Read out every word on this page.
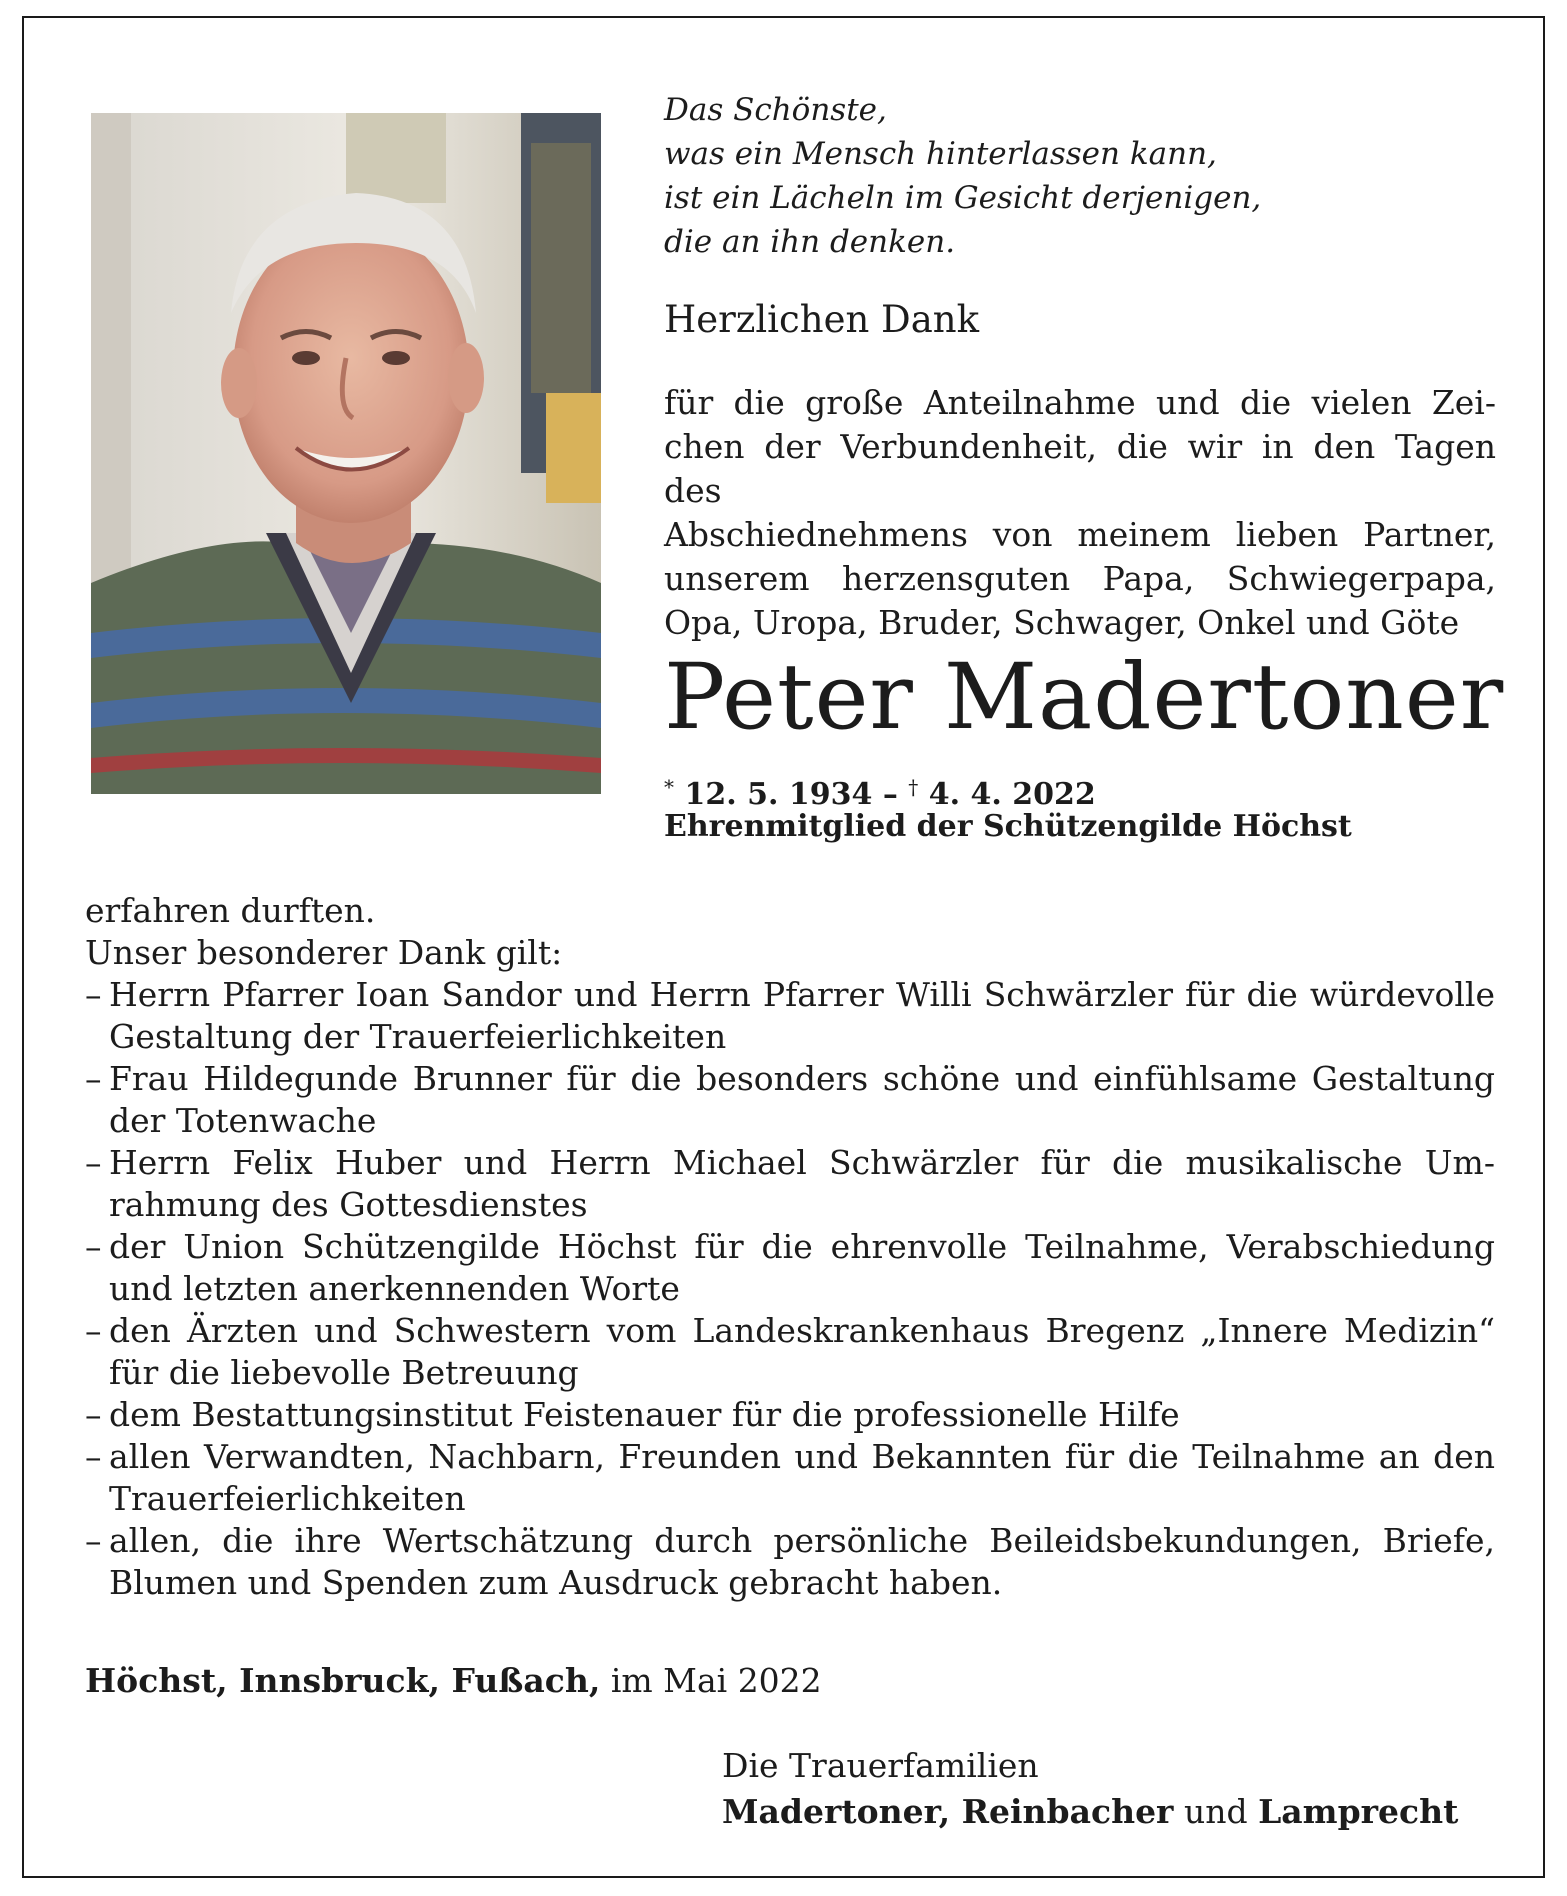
Das Schönste,
was ein Mensch hinterlassen kann,
ist ein Lächeln im Gesicht derjenigen,
die an ihn denken.
Herzlichen Dank
für die große Anteilnahme und die vielen Zei-
chen der Verbundenheit, die wir in den Tagen des
Abschiednehmens von meinem lieben Partner,
unserem herzensguten Papa, Schwiegerpapa,
Opa, Uropa, Bruder, Schwager, Onkel und Göte
Peter Madertoner
* 12. 5. 1934 – † 4. 4. 2022
Ehrenmitglied der Schützengilde Höchst
erfahren durften.
Unser besonderer Dank gilt:
– Herrn Pfarrer Ioan Sandor und Herrn Pfarrer Willi Schwärzler für die würdevolle
Gestaltung der Trauerfeierlichkeiten
– Frau Hildegunde Brunner für die besonders schöne und einfühlsame Gestaltung
der Totenwache
– Herrn Felix Huber und Herrn Michael Schwärzler für die musikalische Um-
rahmung des Gottesdienstes
– der Union Schützengilde Höchst für die ehrenvolle Teilnahme, Verabschiedung
und letzten anerkennenden Worte
– den Ärzten und Schwestern vom Landeskrankenhaus Bregenz „Innere Medizin“
für die liebevolle Betreuung
– dem Bestattungsinstitut Feistenauer für die professionelle Hilfe
– allen Verwandten, Nachbarn, Freunden und Bekannten für die Teilnahme an den
Trauerfeierlichkeiten
– allen, die ihre Wertschätzung durch persönliche Beileidsbekundungen, Briefe,
Blumen und Spenden zum Ausdruck gebracht haben.
Höchst, Innsbruck, Fußach, im Mai 2022
Die Trauerfamilien
Madertoner, Reinbacher und Lamprecht
